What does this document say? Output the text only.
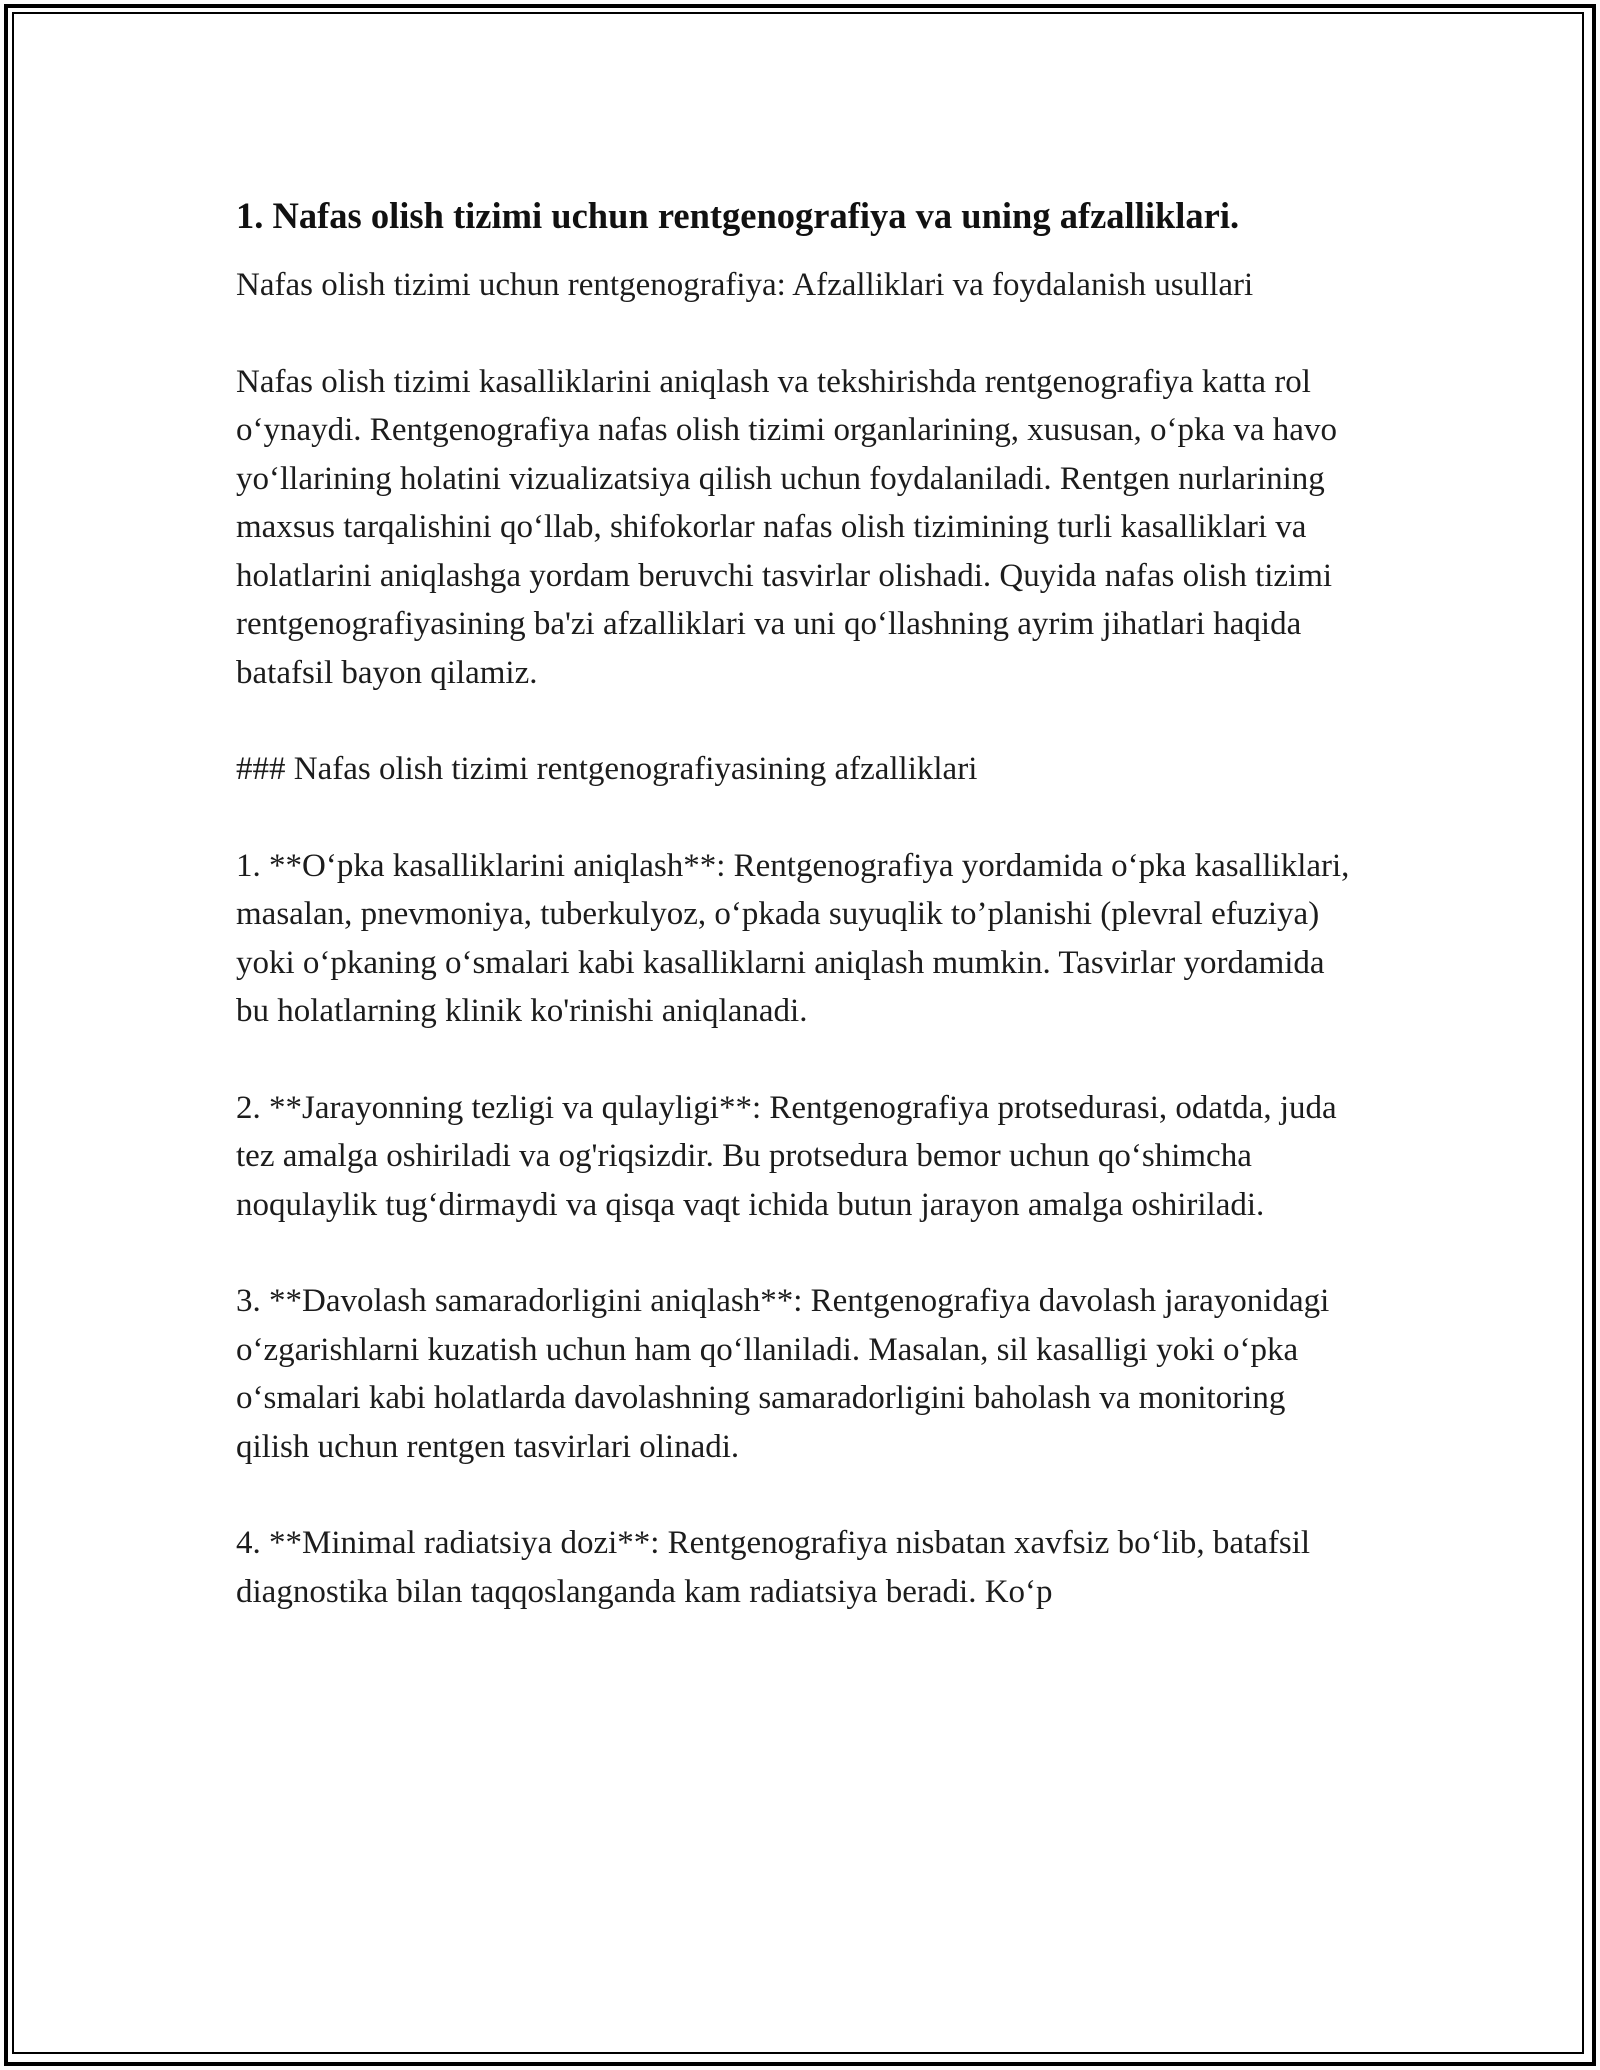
1. Nafas olish tizimi uchun rentgenografiya va uning afzalliklari.

Nafas olish tizimi uchun rentgenografiya: Afzalliklari va foydalanish usullari

Nafas olish tizimi kasalliklarini aniqlash va tekshirishda rentgenografiya katta rol oʻynaydi. Rentgenografiya nafas olish tizimi organlarining, xususan, oʻpka va havo yoʻllarining holatini vizualizatsiya qilish uchun foydalaniladi. Rentgen nurlarining maxsus tarqalishini qoʻllab, shifokorlar nafas olish tizimining turli kasalliklari va holatlarini aniqlashga yordam beruvchi tasvirlar olishadi. Quyida nafas olish tizimi rentgenografiyasining ba'zi afzalliklari va uni qoʻllashning ayrim jihatlari haqida batafsil bayon qilamiz.

### Nafas olish tizimi rentgenografiyasining afzalliklari

1. **Oʻpka kasalliklarini aniqlash**: Rentgenografiya yordamida oʻpka kasalliklari, masalan, pnevmoniya, tuberkulyoz, oʻpkada suyuqlik to’planishi (plevral efuziya) yoki oʻpkaning oʻsmalari kabi kasalliklarni aniqlash mumkin. Tasvirlar yordamida bu holatlarning klinik ko'rinishi aniqlanadi.

2. **Jarayonning tezligi va qulayligi**: Rentgenografiya protsedurasi, odatda, juda tez amalga oshiriladi va og'riqsizdir. Bu protsedura bemor uchun qoʻshimcha noqulaylik tugʻdirmaydi va qisqa vaqt ichida butun jarayon amalga oshiriladi.

3. **Davolash samaradorligini aniqlash**: Rentgenografiya davolash jarayonidagi oʻzgarishlarni kuzatish uchun ham qoʻllaniladi. Masalan, sil kasalligi yoki oʻpka oʻsmalari kabi holatlarda davolashning samaradorligini baholash va monitoring qilish uchun rentgen tasvirlari olinadi.

4. **Minimal radiatsiya dozi**: Rentgenografiya nisbatan xavfsiz boʻlib, batafsil diagnostika bilan taqqoslanganda kam radiatsiya beradi. Koʻp
